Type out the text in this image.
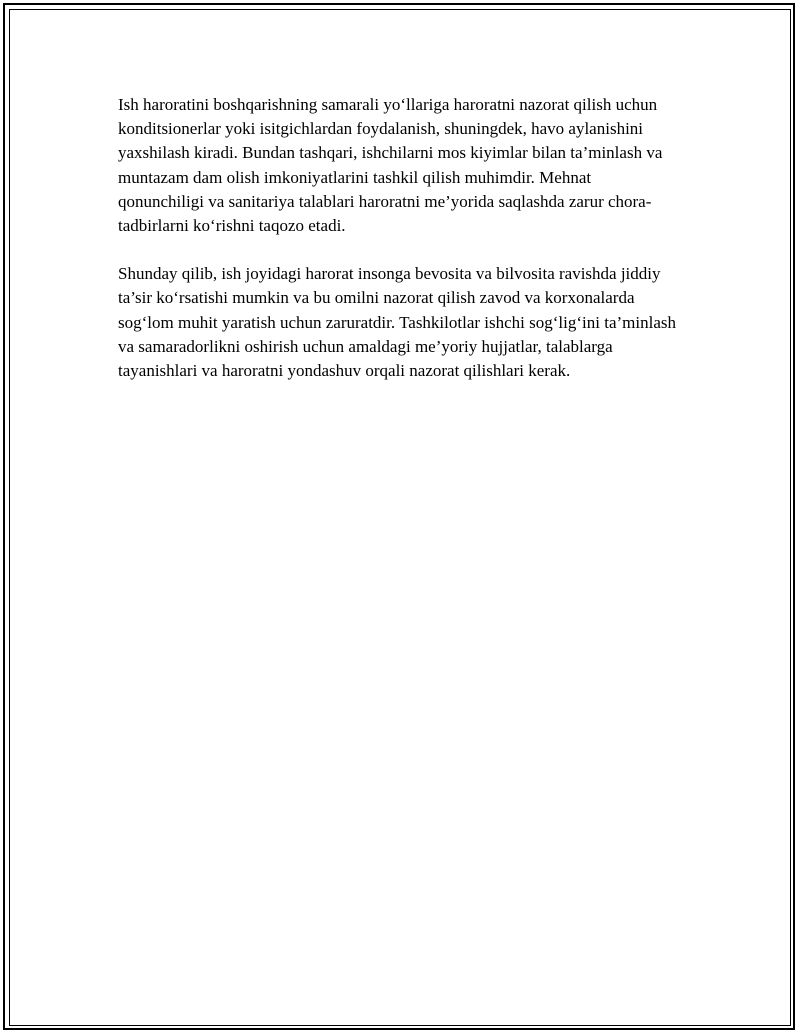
Ish haroratini boshqarishning samarali yo‘llariga haroratni nazorat qilish uchun konditsionerlar yoki isitgichlardan foydalanish, shuningdek, havo aylanishini yaxshilash kiradi. Bundan tashqari, ishchilarni mos kiyimlar bilan ta’minlash va muntazam dam olish imkoniyatlarini tashkil qilish muhimdir. Mehnat qonunchiligi va sanitariya talablari haroratni me’yorida saqlashda zarur chora-tadbirlarni ko‘rishni taqozo etadi.

Shunday qilib, ish joyidagi harorat insonga bevosita va bilvosita ravishda jiddiy ta’sir ko‘rsatishi mumkin va bu omilni nazorat qilish zavod va korxonalarda sog‘lom muhit yaratish uchun zaruratdir. Tashkilotlar ishchi sog‘lig‘ini ta’minlash va samaradorlikni oshirish uchun amaldagi me’yoriy hujjatlar, talablarga tayanishlari va haroratni yondashuv orqali nazorat qilishlari kerak.
